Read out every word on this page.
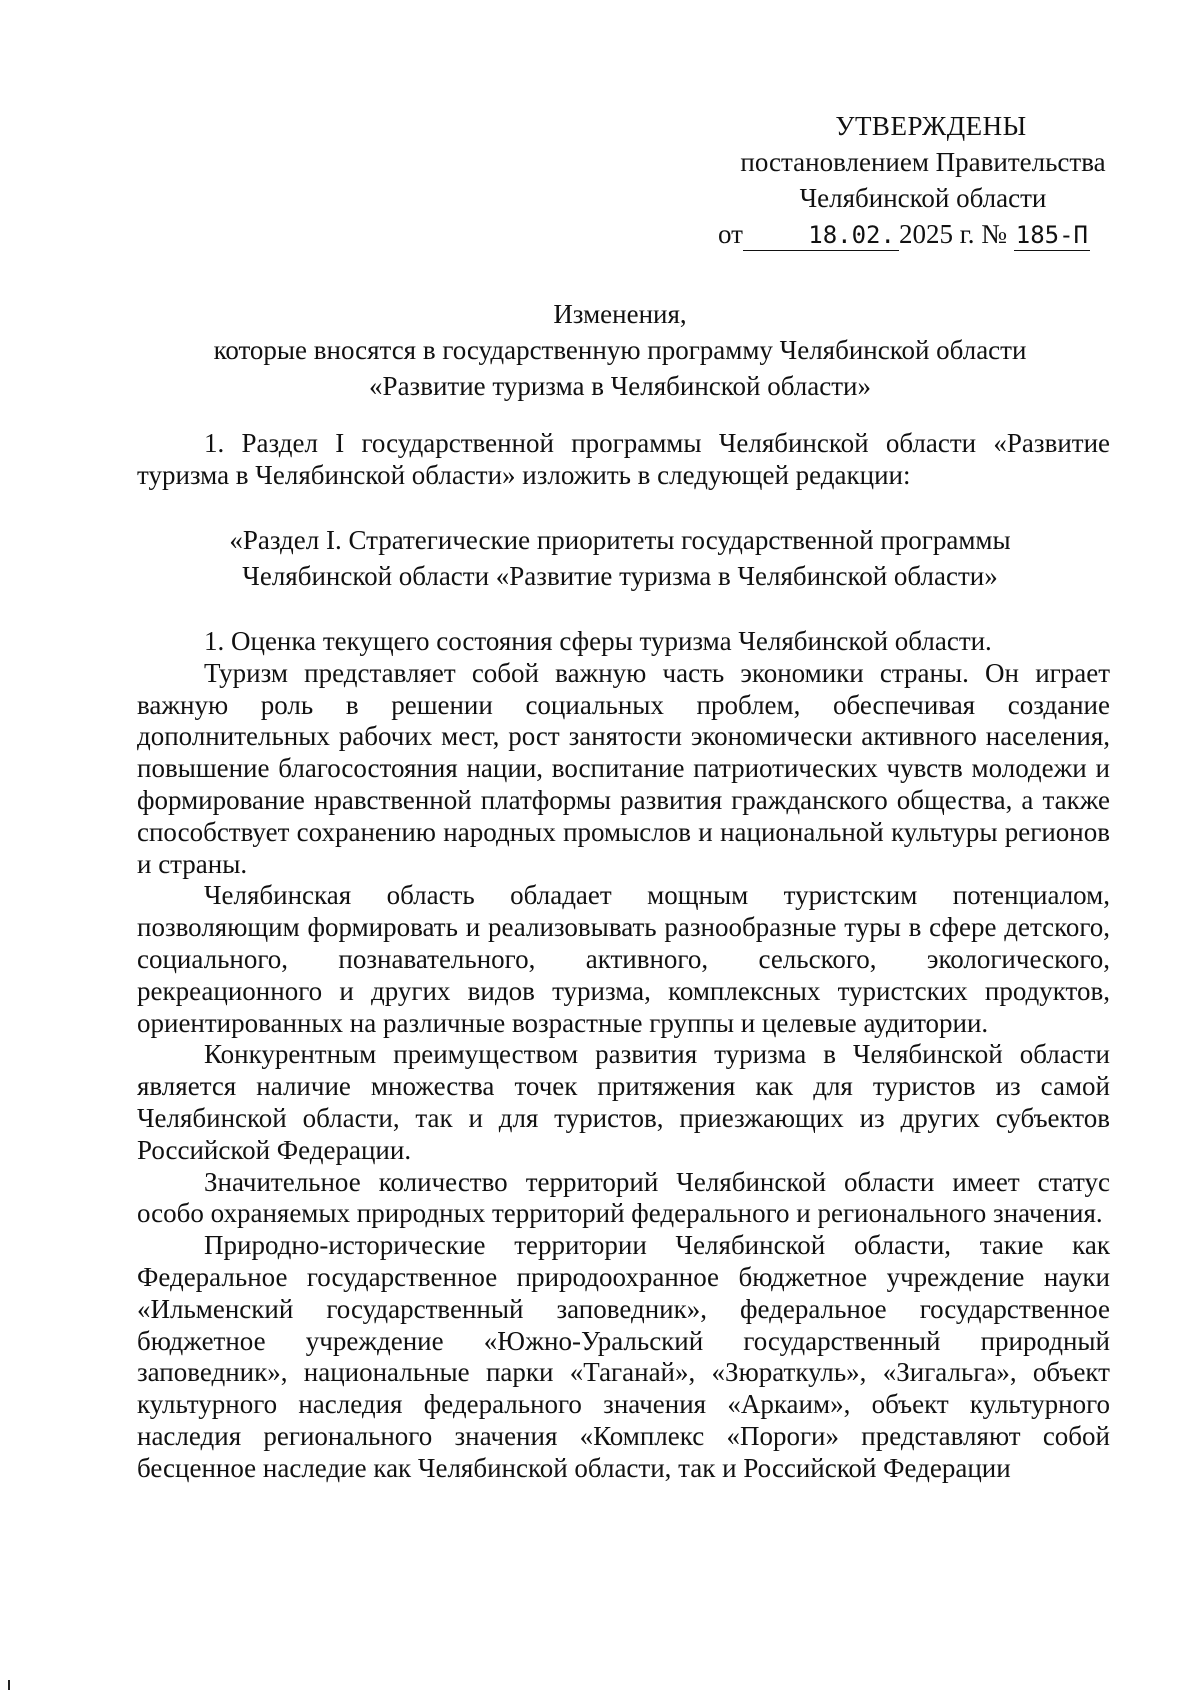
УТВЕРЖДЕНЫ
постановлением Правительства
Челябинской области
от	18.02. 2025 г. № 185-П
Изменения,
которые вносятся в государственную программу Челябинской области
«Развитие туризма в Челябинской области»

1. Раздел I государственной программы Челябинской области «Развитие туризма в Челябинской области» изложить в следующей редакции:

«Раздел I. Стратегические приоритеты государственной программы
Челябинской области «Развитие туризма в Челябинской области»

1. Оценка текущего состояния сферы туризма Челябинской области.

Туризм представляет собой важную часть экономики страны. Он играет важную роль в решении социальных проблем, обеспечивая создание дополнительных рабочих мест, рост занятости экономически активного населения, повышение благосостояния нации, воспитание патриотических чувств молодежи и формирование нравственной платформы развития гражданского общества, а также способствует сохранению народных промыслов и национальной культуры регионов и страны.

Челябинская область обладает мощным туристским потенциалом, позволяющим формировать и реализовывать разнообразные туры в сфере детского, социального, познавательного, активного, сельского, экологического, рекреационного и других видов туризма, комплексных туристских продуктов, ориентированных на различные возрастные группы и целевые аудитории.

Конкурентным преимуществом развития туризма в Челябинской области является наличие множества точек притяжения как для туристов из самой Челябинской области, так и для туристов, приезжающих из других субъектов Российской Федерации.

Значительное количество территорий Челябинской области имеет статус особо охраняемых природных территорий федерального и регионального значения.

Природно-исторические территории Челябинской области, такие как Федеральное государственное природоохранное бюджетное учреждение науки «Ильменский государственный заповедник», федеральное государственное бюджетное учреждение «Южно-Уральский государственный природный заповедник», национальные парки «Таганай», «Зюраткуль», «Зигальга», объект культурного наследия федерального значения «Аркаим», объект культурного наследия регионального значения «Комплекс «Пороги» представляют собой бесценное наследие как Челябинской области, так и Российской Федерации
